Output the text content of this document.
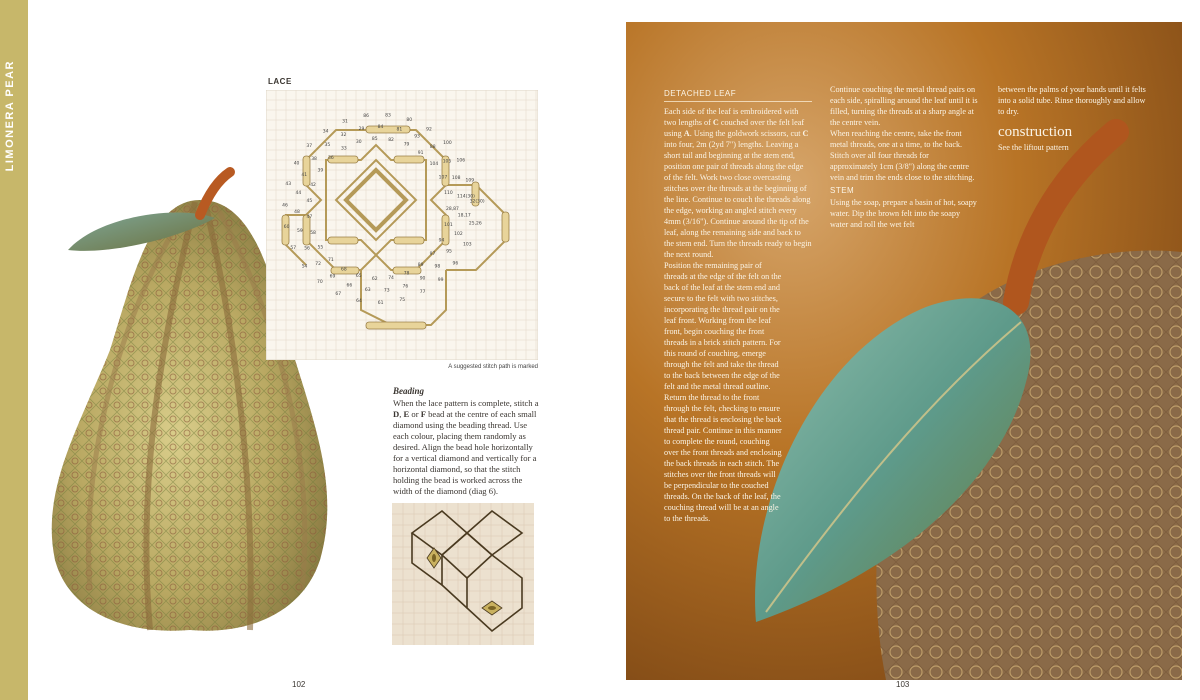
LIMONERA PEAR	LACE
28,87
18,17
25,26
101
102
103
94
95
96
97
98
99
89
90
77
78
76
75
74
73
61
62
63
64
65
66
67
68
69
70
71
72
54
55
56
57
58
59
60
47
48
46
45
44
43	42
41
40
39
38
37
36
35
34
33
32
31
30
29
86
85
84
83
82
81
80
79
93
92
91
88
100
104
105 106
107 108 109
110
114(30)
32(30)
A suggested stitch path is marked
Beading
When the lace pattern is complete, stitch a D, E or F bead at the centre of each small diamond using the beading thread. Use each colour, placing them randomly as desired. Align the bead hole horizontally for a vertical diamond and vertically for a horizontal diamond, so that the stitch holding the bead is worked across the width of the diamond (diag 6).
102
DETACHED LEAF

Each side of the leaf is embroidered with two lengths of C couched over the felt leaf using A. Using the goldwork scissors, cut C into four, 2m (2yd 7") lengths. Leaving a short tail and beginning at the stem end, position one pair of threads along the edge of the felt. Work two close overcasting stitches over the threads at the beginning of the line. Continue to couch the threads along the edge, working an angled stitch every 4mm (3/16"). Continue around the tip of the leaf, along the remaining side and back to the stem end. Turn the threads ready to begin the next round.

Position the remaining pair of threads at the edge of the felt on the back of the leaf at the stem end and secure to the felt with two stitches, incorporating the thread pair on the leaf front. Working from the leaf front, begin couching the front threads in a brick stitch pattern. For this round of couching, emerge through the felt and take the thread to the back between the edge of the felt and the metal thread outline. Return the thread to the front through the felt, checking to ensure that the thread is enclosing the back thread pair. Continue in this manner to complete the round, couching over the front threads and enclosing the back threads in each stitch. The stitches over the front threads will be perpendicular to the couched threads. On the back of the leaf, the couching thread will be at an angle to the threads.

Continue couching the metal thread pairs on each side, spiralling around the leaf until it is filled, turning the threads at a sharp angle at the centre vein.

When reaching the centre, take the front metal threads, one at a time, to the back. Stitch over all four threads for approximately 1cm (3/8") along the centre vein and trim the ends close to the stitching.

STEM

Using the soap, prepare a basin of hot, soapy water. Dip the brown felt into the soapy water and roll the wet felt

between the palms of your hands until it felts into a solid tube. Rinse thoroughly and allow to dry.

construction

See the liftout pattern

103
